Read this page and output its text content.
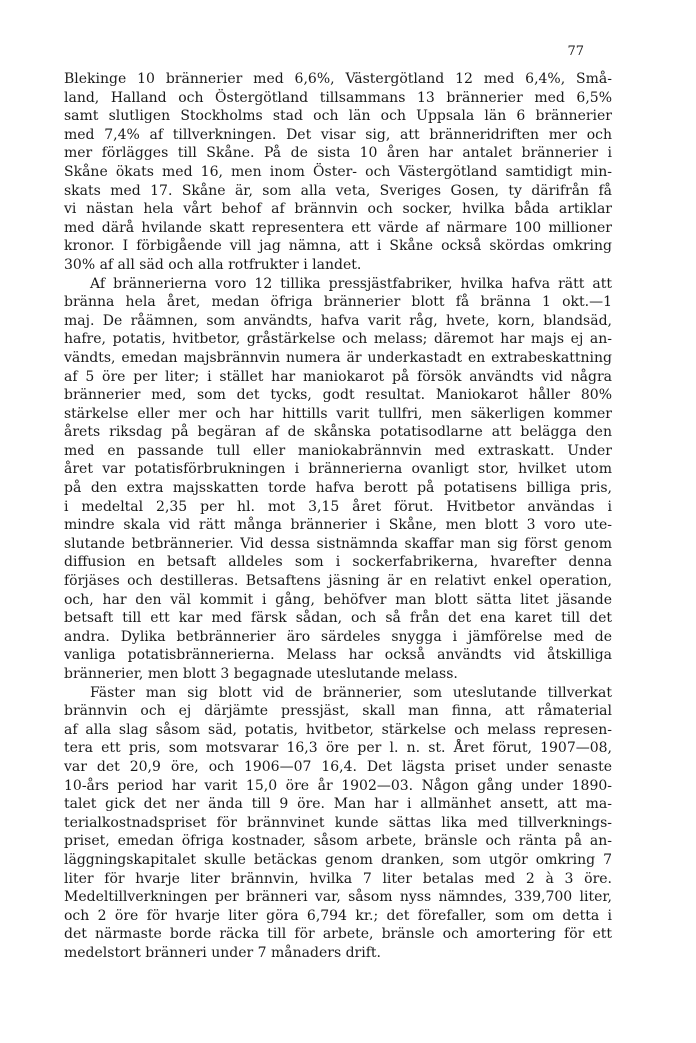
77
Blekinge 10 brännerier med 6,6%, Västergötland 12 med 6,4%, Små-
land, Halland och Östergötland tillsammans 13 brännerier med 6,5%
samt slutligen Stockholms stad och län och Uppsala län 6 brännerier
med 7,4% af tillverkningen. Det visar sig, att bränneridriften mer och
mer förlägges till Skåne. På de sista 10 åren har antalet brännerier i
Skåne ökats med 16, men inom Öster- och Västergötland samtidigt min-
skats med 17. Skåne är, som alla veta, Sveriges Gosen, ty därifrån få
vi nästan hela vårt behof af brännvin och socker, hvilka båda artiklar
med därå hvilande skatt representera ett värde af närmare 100 millioner
kronor. I förbigående vill jag nämna, att i Skåne också skördas omkring
30% af all säd och alla rotfrukter i landet.
Af brännerierna voro 12 tillika pressjästfabriker, hvilka hafva rätt att
bränna hela året, medan öfriga brännerier blott få bränna 1 okt.—1
maj. De råämnen, som användts, hafva varit råg, hvete, korn, blandsäd,
hafre, potatis, hvitbetor, gråstärkelse och melass; däremot har majs ej an-
vändts, emedan majsbrännvin numera är underkastadt en extrabeskattning
af 5 öre per liter; i stället har maniokarot på försök användts vid några
brännerier med, som det tycks, godt resultat. Maniokarot håller 80%
stärkelse eller mer och har hittills varit tullfri, men säkerligen kommer
årets riksdag på begäran af de skånska potatisodlarne att belägga den
med en passande tull eller maniokabrännvin med extraskatt. Under
året var potatisförbrukningen i brännerierna ovanligt stor, hvilket utom
på den extra majsskatten torde hafva berott på potatisens billiga pris,
i medeltal 2,35 per hl. mot 3,15 året förut. Hvitbetor användas i
mindre skala vid rätt många brännerier i Skåne, men blott 3 voro ute-
slutande betbrännerier. Vid dessa sistnämnda skaffar man sig först genom
diffusion en betsaft alldeles som i sockerfabrikerna, hvarefter denna
förjäses och destilleras. Betsaftens jäsning är en relativt enkel operation,
och, har den väl kommit i gång, behöfver man blott sätta litet jäsande
betsaft till ett kar med färsk sådan, och så från det ena karet till det
andra. Dylika betbrännerier äro särdeles snygga i jämförelse med de
vanliga potatisbrännerierna. Melass har också användts vid åtskilliga
brännerier, men blott 3 begagnade uteslutande melass.
Fäster man sig blott vid de brännerier, som uteslutande tillverkat
brännvin och ej därjämte pressjäst, skall man finna, att råmaterial
af alla slag såsom säd, potatis, hvitbetor, stärkelse och melass represen-
tera ett pris, som motsvarar 16,3 öre per l. n. st. Året förut, 1907—08,
var det 20,9 öre, och 1906—07 16,4. Det lägsta priset under senaste
10-års period har varit 15,0 öre år 1902—03. Någon gång under 1890-
talet gick det ner ända till 9 öre. Man har i allmänhet ansett, att ma-
terialkostnadspriset för brännvinet kunde sättas lika med tillverknings-
priset, emedan öfriga kostnader, såsom arbete, bränsle och ränta på an-
läggningskapitalet skulle betäckas genom dranken, som utgör omkring 7
liter för hvarje liter brännvin, hvilka 7 liter betalas med 2 à 3 öre.
Medeltillverkningen per bränneri var, såsom nyss nämndes, 339,700 liter,
och 2 öre för hvarje liter göra 6,794 kr.; det förefaller, som om detta i
det närmaste borde räcka till för arbete, bränsle och amortering för ett
medelstort bränneri under 7 månaders drift.
